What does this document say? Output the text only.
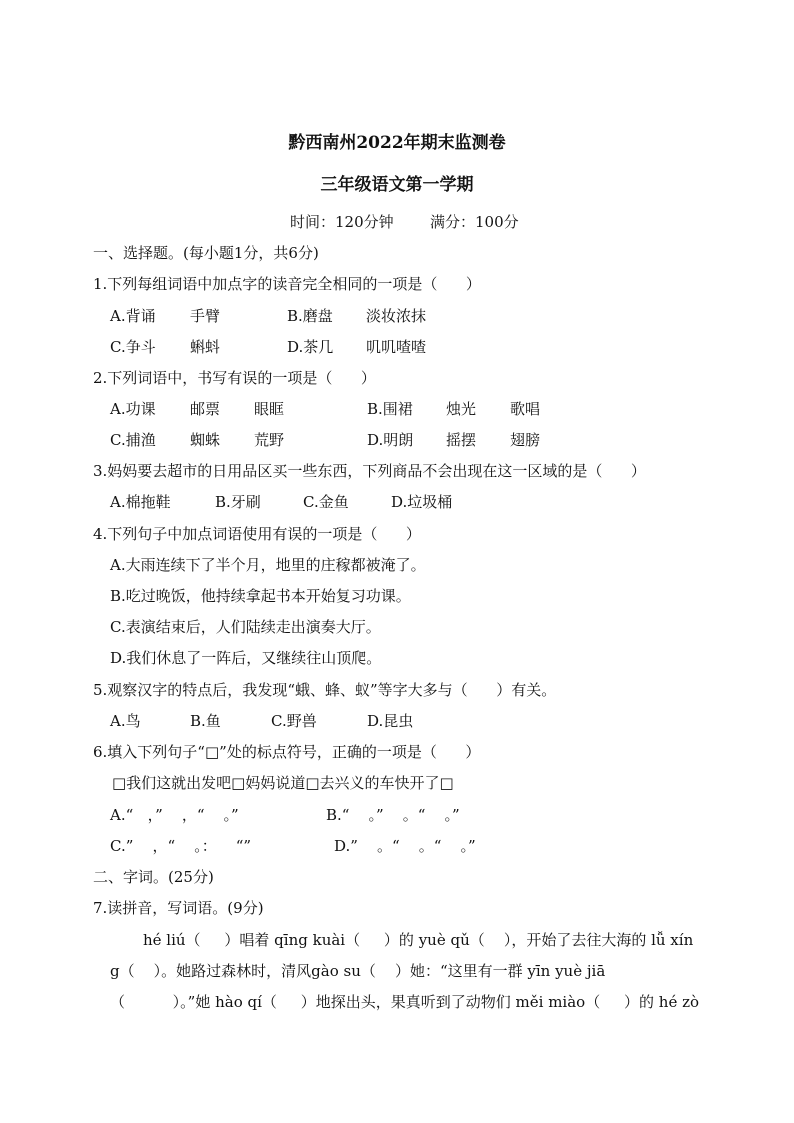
黔西南州2022年期末监测卷
三年级语文第一学期
时间：120分钟 满分：100分
一、选择题。(每小题1分，共6分)
1.下列每组词语中加点字的读音完全相同的一项是（      ）
A.背诵 手臂	B.磨盘 淡妆浓抹
C.争斗 蝌蚪	D.茶几 叽叽喳喳
2.下列词语中，书写有误的一项是（      ）
A.功课 邮票 眼眶	B.围裙 烛光 歌唱
C.捕渔 蜘蛛 荒野	D.明朗 摇摆 翅膀
3.妈妈要去超市的日用品区买一些东西，下列商品不会出现在这一区域的是（      ）
A.棉拖鞋	B.牙刷	C.金鱼	D.垃圾桶
4.下列句子中加点词语使用有误的一项是（      ）
A.大雨连续下了半个月，地里的庄稼都被淹了。
B.吃过晚饭，他持续拿起书本开始复习功课。
C.表演结束后，人们陆续走出演奏大厅。
D.我们休息了一阵后，又继续往山顶爬。
5.观察汉字的特点后，我发现“蛾、蜂、蚁”等字大多与（      ）有关。
A.鸟	B.鱼	C.野兽	D.昆虫
6.填入下列句子“□”处的标点符号，正确的一项是（      ）
□我们这就出发吧□妈妈说道□去兴义的车快开了□
A.“   ，”    ，“    。”	B.“    。”    。“    。”
C.”    ，“    。：    “”	D.”    。“    。“    。”
二、字词。(25分)
7.读拼音，写词语。(9分)
hé liú（     ）唱着 qīng kuài（     ）的 yuè qǔ（    ），开始了去往大海的 lǚ xín
g（    ）。她路过森林时，清风gào su（    ）她：“这里有一群 yīn yuè jiā
（          ）。”她 hào qí（     ）地探出头，果真听到了动物们 měi miào（     ）的 hé zò
